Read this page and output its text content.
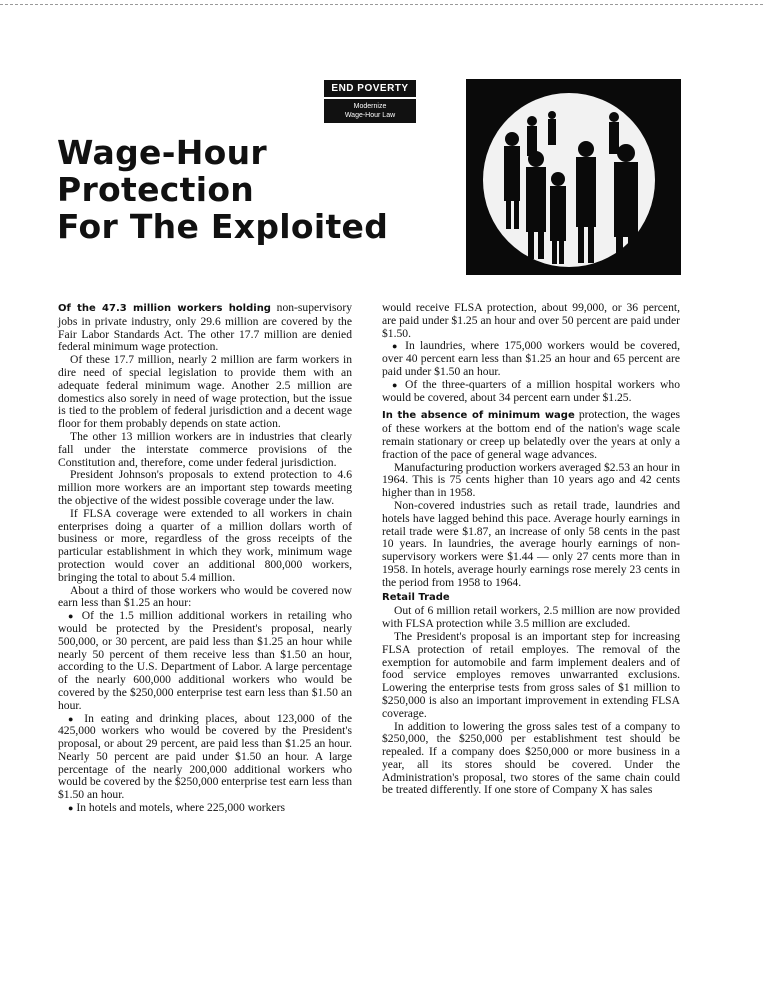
END POVERTY
Modernize
Wage-Hour Law
Wage-Hour
Protection
For The Exploited

Of the 47.3 million workers holding non-supervisory jobs in private industry, only 29.6 million are covered by the Fair Labor Standards Act. The other 17.7 million are denied federal minimum wage protection.

Of these 17.7 million, nearly 2 million are farm workers in dire need of special legislation to provide them with an adequate federal minimum wage. Another 2.5 million are domestics also sorely in need of wage protection, but the issue is tied to the problem of federal jurisdiction and a decent wage floor for them probably depends on state action.

The other 13 million workers are in industries that clearly fall under the interstate commerce provisions of the Constitution and, therefore, come under federal jurisdiction.

President Johnson's proposals to extend protection to 4.6 million more workers are an important step towards meeting the objective of the widest possible coverage under the law.

If FLSA coverage were extended to all workers in chain enterprises doing a quarter of a million dollars worth of business or more, regardless of the gross receipts of the particular establishment in which they work, minimum wage protection would cover an additional 800,000 workers, bringing the total to about 5.4 million.

About a third of those workers who would be covered now earn less than $1.25 an hour:

● Of the 1.5 million additional workers in retailing who would be protected by the President's proposal, nearly 500,000, or 30 percent, are paid less than $1.25 an hour while nearly 50 percent of them receive less than $1.50 an hour, according to the U.S. Department of Labor. A large percentage of the nearly 600,000 additional workers who would be covered by the $250,000 enterprise test earn less than $1.50 an hour.

● In eating and drinking places, about 123,000 of the 425,000 workers who would be covered by the President's proposal, or about 29 percent, are paid less than $1.25 an hour. Nearly 50 percent are paid under $1.50 an hour. A large percentage of the nearly 200,000 additional workers who would be covered by the $250,000 enterprise test earn less than $1.50 an hour.

● In hotels and motels, where 225,000 workers

would receive FLSA protection, about 99,000, or 36 percent, are paid under $1.25 an hour and over 50 percent are paid under $1.50.

● In laundries, where 175,000 workers would be covered, over 40 percent earn less than $1.25 an hour and 65 percent are paid under $1.50 an hour.

● Of the three-quarters of a million hospital workers who would be covered, about 34 percent earn under $1.25.

In the absence of minimum wage protection, the wages of these workers at the bottom end of the nation's wage scale remain stationary or creep up belatedly over the years at only a fraction of the pace of general wage advances.

Manufacturing production workers averaged $2.53 an hour in 1964. This is 75 cents higher than 10 years ago and 42 cents higher than in 1958.

Non-covered industries such as retail trade, laundries and hotels have lagged behind this pace. Average hourly earnings in retail trade were $1.87, an increase of only 58 cents in the past 10 years. In laundries, the average hourly earnings of non-supervisory workers were $1.44 — only 27 cents more than in 1958. In hotels, average hourly earnings rose merely 23 cents in the period from 1958 to 1964.

Retail Trade

Out of 6 million retail workers, 2.5 million are now provided with FLSA protection while 3.5 million are excluded.

The President's proposal is an important step for increasing FLSA protection of retail employes. The removal of the exemption for automobile and farm implement dealers and of food service employes removes unwarranted exclusions. Lowering the enterprise tests from gross sales of $1 million to $250,000 is also an important improvement in extending FLSA coverage.

In addition to lowering the gross sales test of a company to $250,000, the $250,000 per establishment test should be repealed. If a company does $250,000 or more business in a year, all its stores should be covered. Under the Administration's proposal, two stores of the same chain could be treated differently. If one store of Company X has sales
